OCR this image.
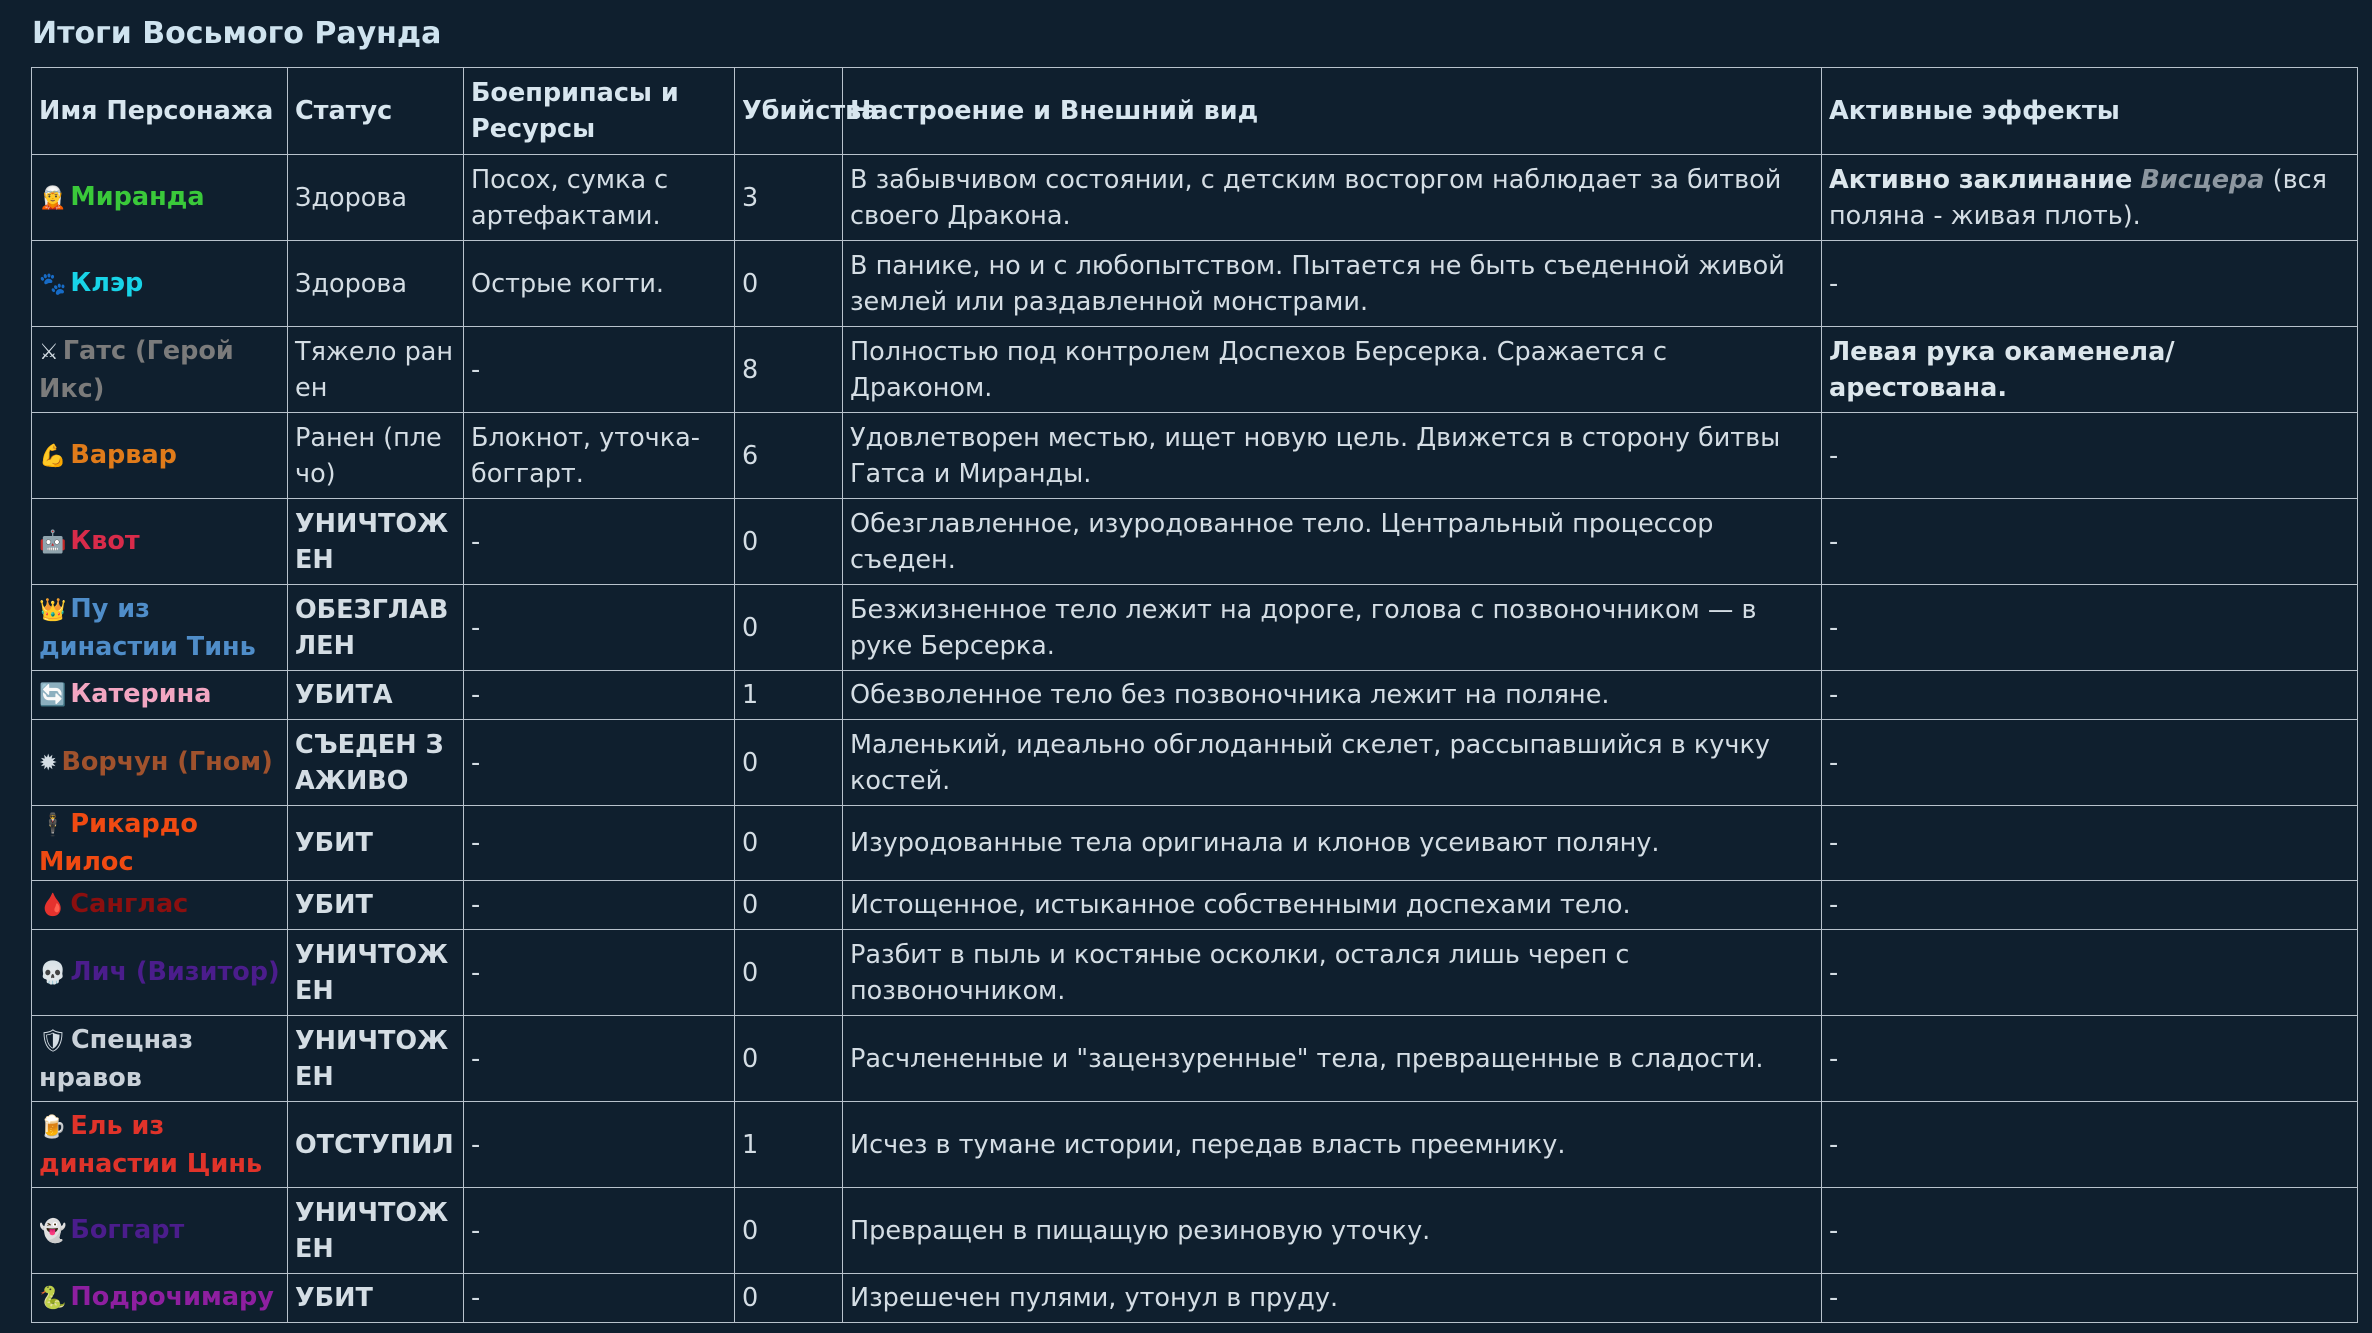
Итоги Восьмого Раунда
Имя Персонажа	Статус	Боеприпасы и Ресурсы	Убийства	Настроение и Внешний вид	Активные эффекты
🧝 Миранда	Здорова	Посох, сумка с артефактами.	3	В забывчивом состоянии, с детским восторгом наблюдает за битвой своего Дракона.	Активно заклинание Висцера (вся поляна - живая плоть).
🐾 Клэр	Здорова	Острые когти.	0	В панике, но и с любопытством. Пытается не быть съеденной живой землей или раздавленной монстрами.	-
⚔ Гатс (Герой Икс)	Тяжело ранен	-	8	Полностью под контролем Доспехов Берсерка. Сражается с Драконом.	Левая рука окаменела/арестована.
💪 Варвар	Ранен (плечо)	Блокнот, уточка-боггарт.	6	Удовлетворен местью, ищет новую цель. Движется в сторону битвы Гатса и Миранды.	-
🤖 Квот	УНИЧТОЖЕН	-	0	Обезглавленное, изуродованное тело. Центральный процессор съеден.	-
👑 Пу из династии Тинь	ОБЕЗГЛАВЛЕН	-	0	Безжизненное тело лежит на дороге, голова с позвоночником — в руке Берсерка.	-
🔄 Катерина	УБИТА	-	1	Обезволенное тело без позвоночника лежит на поляне.	-
✹ Ворчун (Гном)	СЪЕДЕН ЗАЖИВО	-	0	Маленький, идеально обглоданный скелет, рассыпавшийся в кучку костей.	-
🕴 Рикардо Милос	УБИТ	-	0	Изуродованные тела оригинала и клонов усеивают поляну.	-
🩸 Санглас	УБИТ	-	0	Истощенное, истыканное собственными доспехами тело.	-
💀 Лич (Визитор)	УНИЧТОЖЕН	-	0	Разбит в пыль и костяные осколки, остался лишь череп с позвоночником.	-
🛡 Спецназ нравов	УНИЧТОЖЕН	-	0	Расчлененные и "зацензуренные" тела, превращенные в сладости.	-
🍺 Ель из династии Цинь	ОТСТУПИЛ	-	1	Исчез в тумане истории, передав власть преемнику.	-
👻 Боггарт	УНИЧТОЖЕН	-	0	Превращен в пищащую резиновую уточку.	-
🐍 Подрочимару	УБИТ	-	0	Изрешечен пулями, утонул в пруду.	-
